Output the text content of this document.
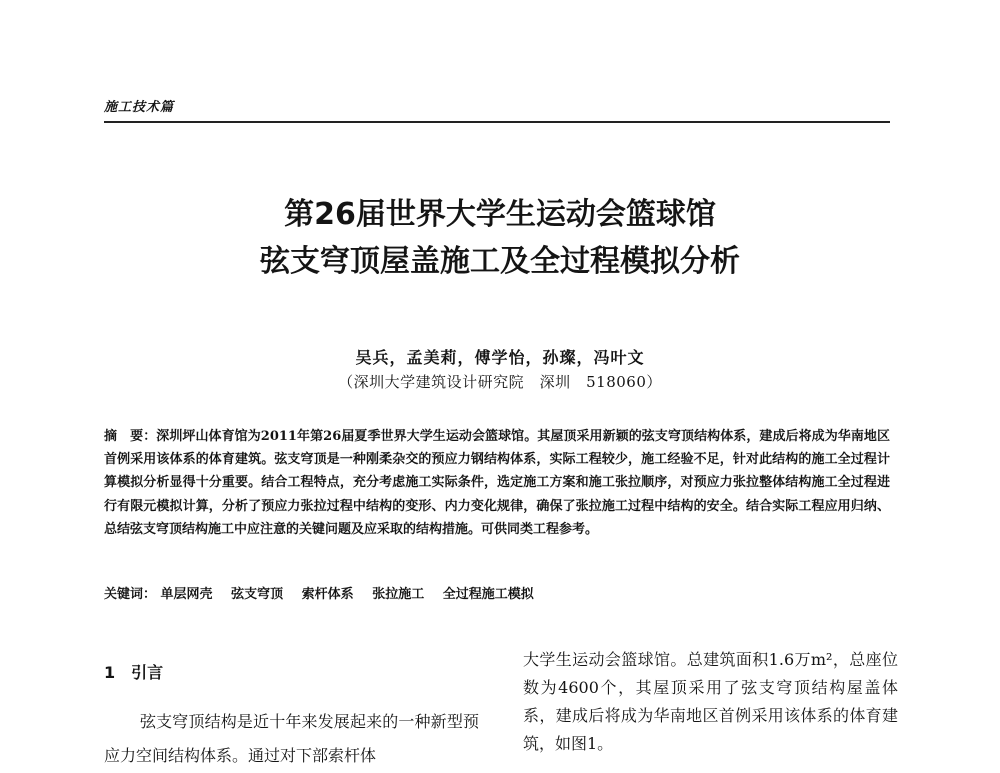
施工技术篇
第26届世界大学生运动会篮球馆
弦支穹顶屋盖施工及全过程模拟分析
吴兵，孟美莉，傅学怡，孙璨，冯叶文
（深圳大学建筑设计研究院　深圳　518060）
摘　要：深圳坪山体育馆为2011年第26届夏季世界大学生运动会篮球馆。其屋顶采用新颖的弦支穹顶结构体系，建成后将成为华南地区首例采用该体系的体育建筑。弦支穹顶是一种刚柔杂交的预应力钢结构体系，实际工程较少，施工经验不足，针对此结构的施工全过程计算模拟分析显得十分重要。结合工程特点，充分考虑施工实际条件，选定施工方案和施工张拉顺序，对预应力张拉整体结构施工全过程进行有限元模拟计算，分析了预应力张拉过程中结构的变形、内力变化规律，确保了张拉施工过程中结构的安全。结合实际工程应用归纳、总结弦支穹顶结构施工中应注意的关键问题及应采取的结构措施。可供同类工程参考。
关键词： 单层网壳 弦支穹顶 索杆体系 张拉施工 全过程施工模拟
1 引言
弦支穹顶结构是近十年来发展起来的一种新型预应力空间结构体系。通过对下部索杆体
大学生运动会篮球馆。总建筑面积1.6万m²，总座位数为4600个，其屋顶采用了弦支穹顶结构屋盖体系，建成后将成为华南地区首例采用该体系的体育建筑，如图1。
